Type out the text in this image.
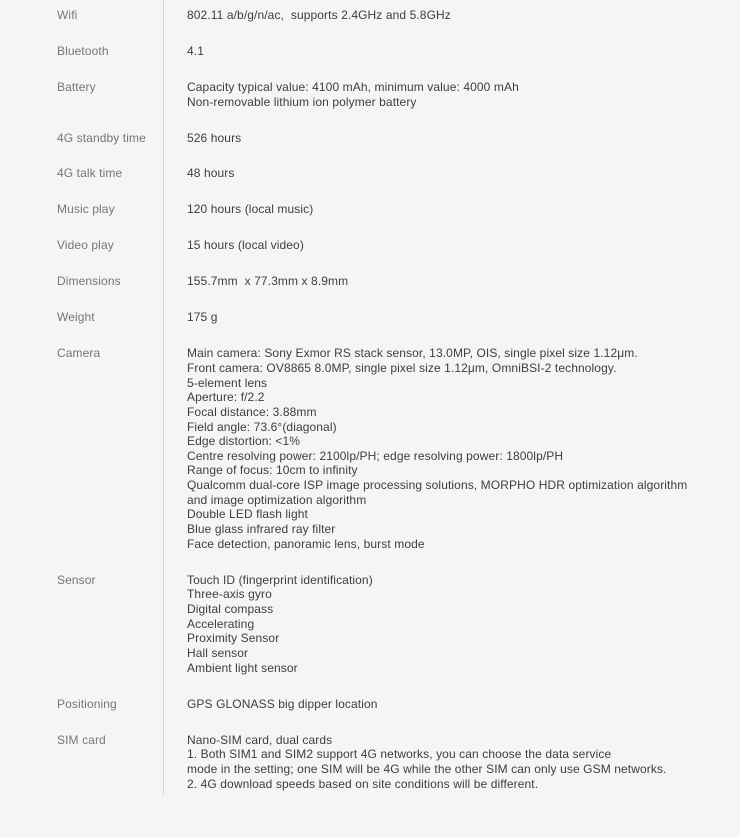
Wifi	802.11 a/b/g/n/ac,  supports 2.4GHz and 5.8GHz
Bluetooth	4.1
Battery	Capacity typical value: 4100 mAh, minimum value: 4000 mAh
Non-removable lithium ion polymer battery
4G standby time	526 hours
4G talk time	48 hours
Music play	120 hours (local music)
Video play	15 hours (local video)
Dimensions	155.7mm  x 77.3mm x 8.9mm
Weight	175 g
Camera	Main camera: Sony Exmor RS stack sensor, 13.0MP, OIS, single pixel size 1.12μm.
Front camera: OV8865 8.0MP, single pixel size 1.12μm, OmniBSI-2 technology.
5-element lens
Aperture: f/2.2
Focal distance: 3.88mm
Field angle: 73.6°(diagonal)
Edge distortion: <1%
Centre resolving power: 2100lp/PH; edge resolving power: 1800lp/PH
Range of focus: 10cm to infinity
Qualcomm dual-core ISP image processing solutions, MORPHO HDR optimization algorithm
and image optimization algorithm
Double LED flash light
Blue glass infrared ray filter
Face detection, panoramic lens, burst mode
Sensor	Touch ID (fingerprint identification)
Three-axis gyro
Digital compass
Accelerating
Proximity Sensor
Hall sensor
Ambient light sensor
Positioning	GPS GLONASS big dipper location
SIM card	Nano-SIM card, dual cards
1. Both SIM1 and SIM2 support 4G networks, you can choose the data service
mode in the setting; one SIM will be 4G while the other SIM can only use GSM networks.
2. 4G download speeds based on site conditions will be different.
